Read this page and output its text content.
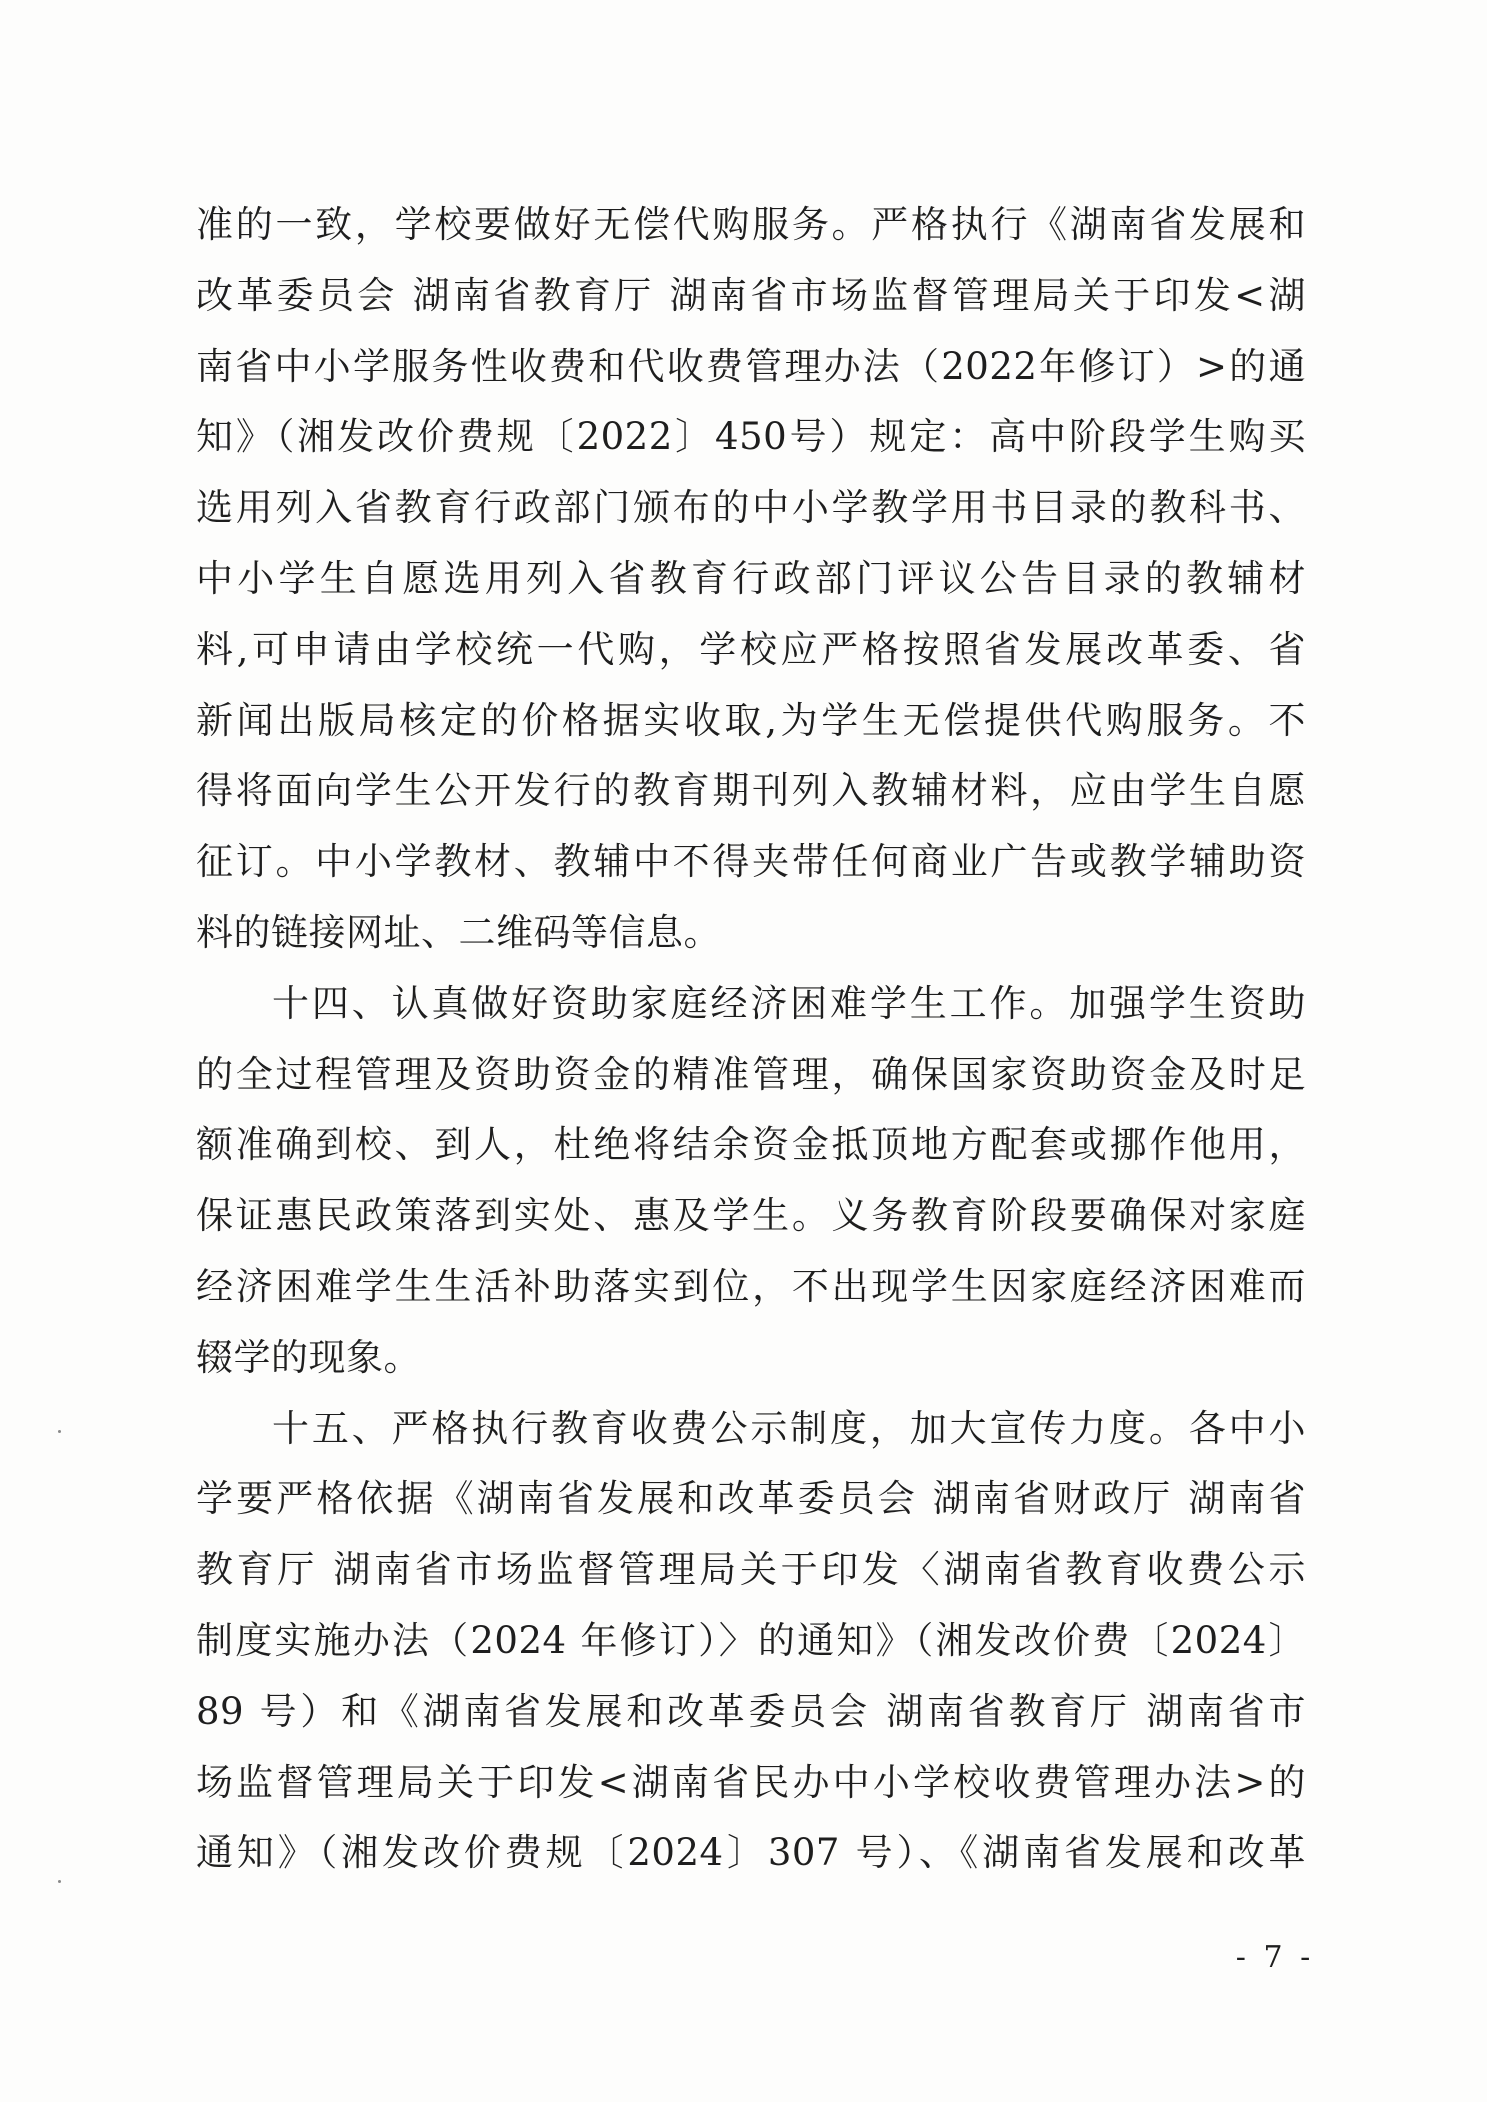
准的一致，学校要做好无偿代购服务。严格执行《湖南省发展和
改革委员会 湖南省教育厅 湖南省市场监督管理局关于印发<湖
南省中小学服务性收费和代收费管理办法（2022年修订）>的通
知》（湘发改价费规〔2022〕450号）规定：高中阶段学生购买
选用列入省教育行政部门颁布的中小学教学用书目录的教科书、
中小学生自愿选用列入省教育行政部门评议公告目录的教辅材
料,可申请由学校统一代购，学校应严格按照省发展改革委、省
新闻出版局核定的价格据实收取,为学生无偿提供代购服务。不
得将面向学生公开发行的教育期刊列入教辅材料，应由学生自愿
征订。中小学教材、教辅中不得夹带任何商业广告或教学辅助资
料的链接网址、二维码等信息。
十四、认真做好资助家庭经济困难学生工作。加强学生资助
的全过程管理及资助资金的精准管理，确保国家资助资金及时足
额准确到校、到人，杜绝将结余资金抵顶地方配套或挪作他用，
保证惠民政策落到实处、惠及学生。义务教育阶段要确保对家庭
经济困难学生生活补助落实到位，不出现学生因家庭经济困难而
辍学的现象。
十五、严格执行教育收费公示制度，加大宣传力度。各中小
学要严格依据《湖南省发展和改革委员会 湖南省财政厅 湖南省
教育厅 湖南省市场监督管理局关于印发〈湖南省教育收费公示
制度实施办法（2024 年修订）〉的通知》（湘发改价费〔2024〕
89 号）和《湖南省发展和改革委员会 湖南省教育厅 湖南省市
场监督管理局关于印发<湖南省民办中小学校收费管理办法>的
通知》（湘发改价费规〔2024〕307 号）、《湖南省发展和改革
- 7 -
